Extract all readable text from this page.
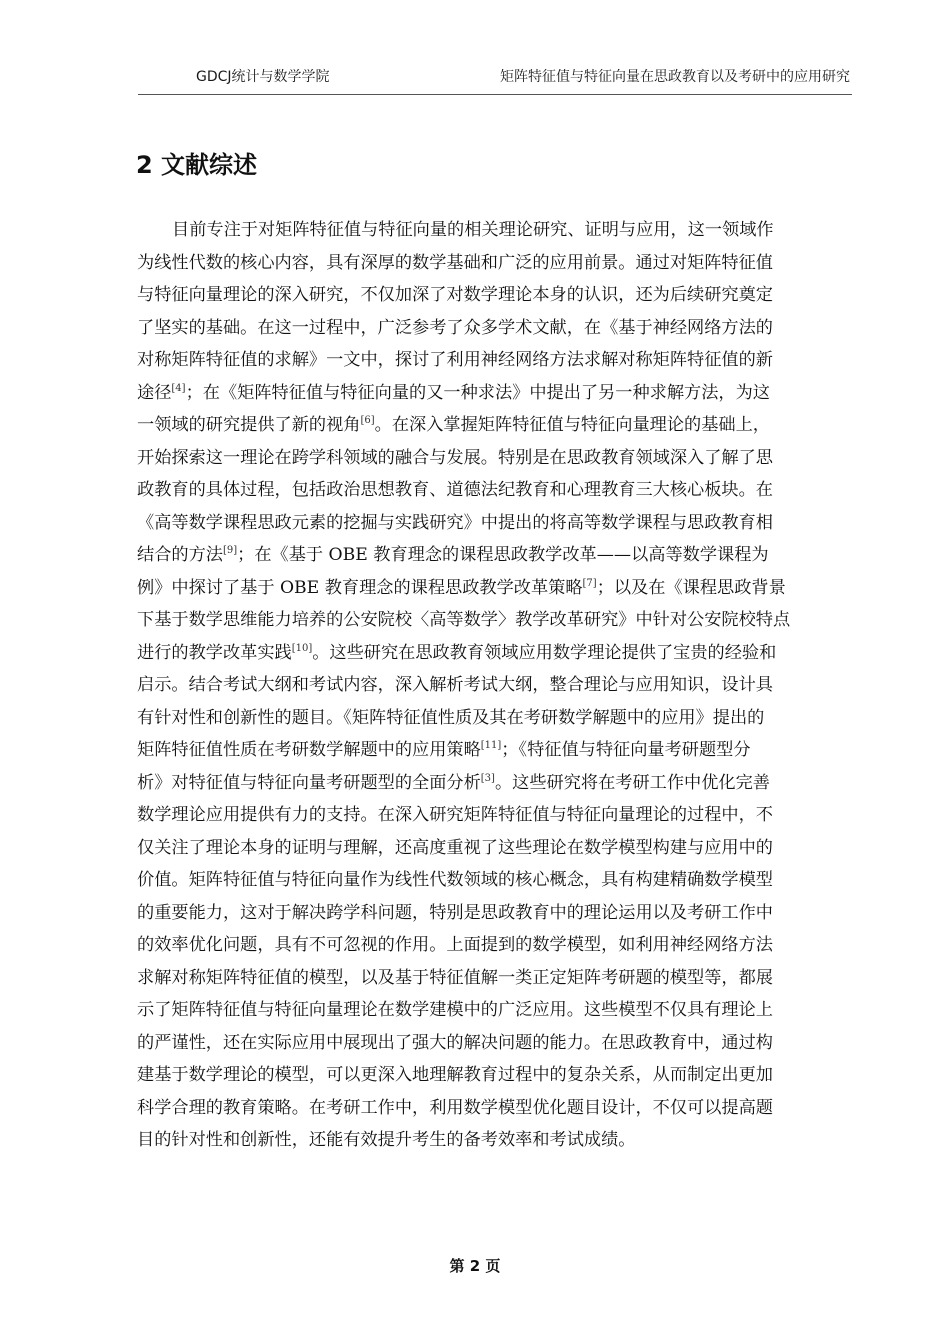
GDCJ统计与数学学院	矩阵特征值与特征向量在思政教育以及考研中的应用研究
2 文献综述
目前专注于对矩阵特征值与特征向量的相关理论研究、证明与应用，这一领域作
为线性代数的核心内容，具有深厚的数学基础和广泛的应用前景。通过对矩阵特征值
与特征向量理论的深入研究，不仅加深了对数学理论本身的认识，还为后续研究奠定
了坚实的基础。在这一过程中，广泛参考了众多学术文献，在《基于神经网络方法的
对称矩阵特征值的求解》一文中，探讨了利用神经网络方法求解对称矩阵特征值的新
途径[4]；在《矩阵特征值与特征向量的又一种求法》中提出了另一种求解方法，为这
一领域的研究提供了新的视角[6]。在深入掌握矩阵特征值与特征向量理论的基础上，
开始探索这一理论在跨学科领域的融合与发展。特别是在思政教育领域深入了解了思
政教育的具体过程，包括政治思想教育、道德法纪教育和心理教育三大核心板块。在
《高等数学课程思政元素的挖掘与实践研究》中提出的将高等数学课程与思政教育相
结合的方法[9]；在《基于 OBE 教育理念的课程思政教学改革——以高等数学课程为
例》中探讨了基于 OBE 教育理念的课程思政教学改革策略[7]；以及在《课程思政背景
下基于数学思维能力培养的公安院校〈高等数学〉教学改革研究》中针对公安院校特点
进行的教学改革实践[10]。这些研究在思政教育领域应用数学理论提供了宝贵的经验和
启示。结合考试大纲和考试内容，深入解析考试大纲，整合理论与应用知识，设计具
有针对性和创新性的题目。《矩阵特征值性质及其在考研数学解题中的应用》提出的
矩阵特征值性质在考研数学解题中的应用策略[11]；《特征值与特征向量考研题型分
析》对特征值与特征向量考研题型的全面分析[3]。这些研究将在考研工作中优化完善
数学理论应用提供有力的支持。在深入研究矩阵特征值与特征向量理论的过程中，不
仅关注了理论本身的证明与理解，还高度重视了这些理论在数学模型构建与应用中的
价值。矩阵特征值与特征向量作为线性代数领域的核心概念，具有构建精确数学模型
的重要能力，这对于解决跨学科问题，特别是思政教育中的理论运用以及考研工作中
的效率优化问题，具有不可忽视的作用。上面提到的数学模型，如利用神经网络方法
求解对称矩阵特征值的模型，以及基于特征值解一类正定矩阵考研题的模型等，都展
示了矩阵特征值与特征向量理论在数学建模中的广泛应用。这些模型不仅具有理论上
的严谨性，还在实际应用中展现出了强大的解决问题的能力。在思政教育中，通过构
建基于数学理论的模型，可以更深入地理解教育过程中的复杂关系，从而制定出更加
科学合理的教育策略。在考研工作中，利用数学模型优化题目设计，不仅可以提高题
目的针对性和创新性，还能有效提升考生的备考效率和考试成绩。
第 2 页
